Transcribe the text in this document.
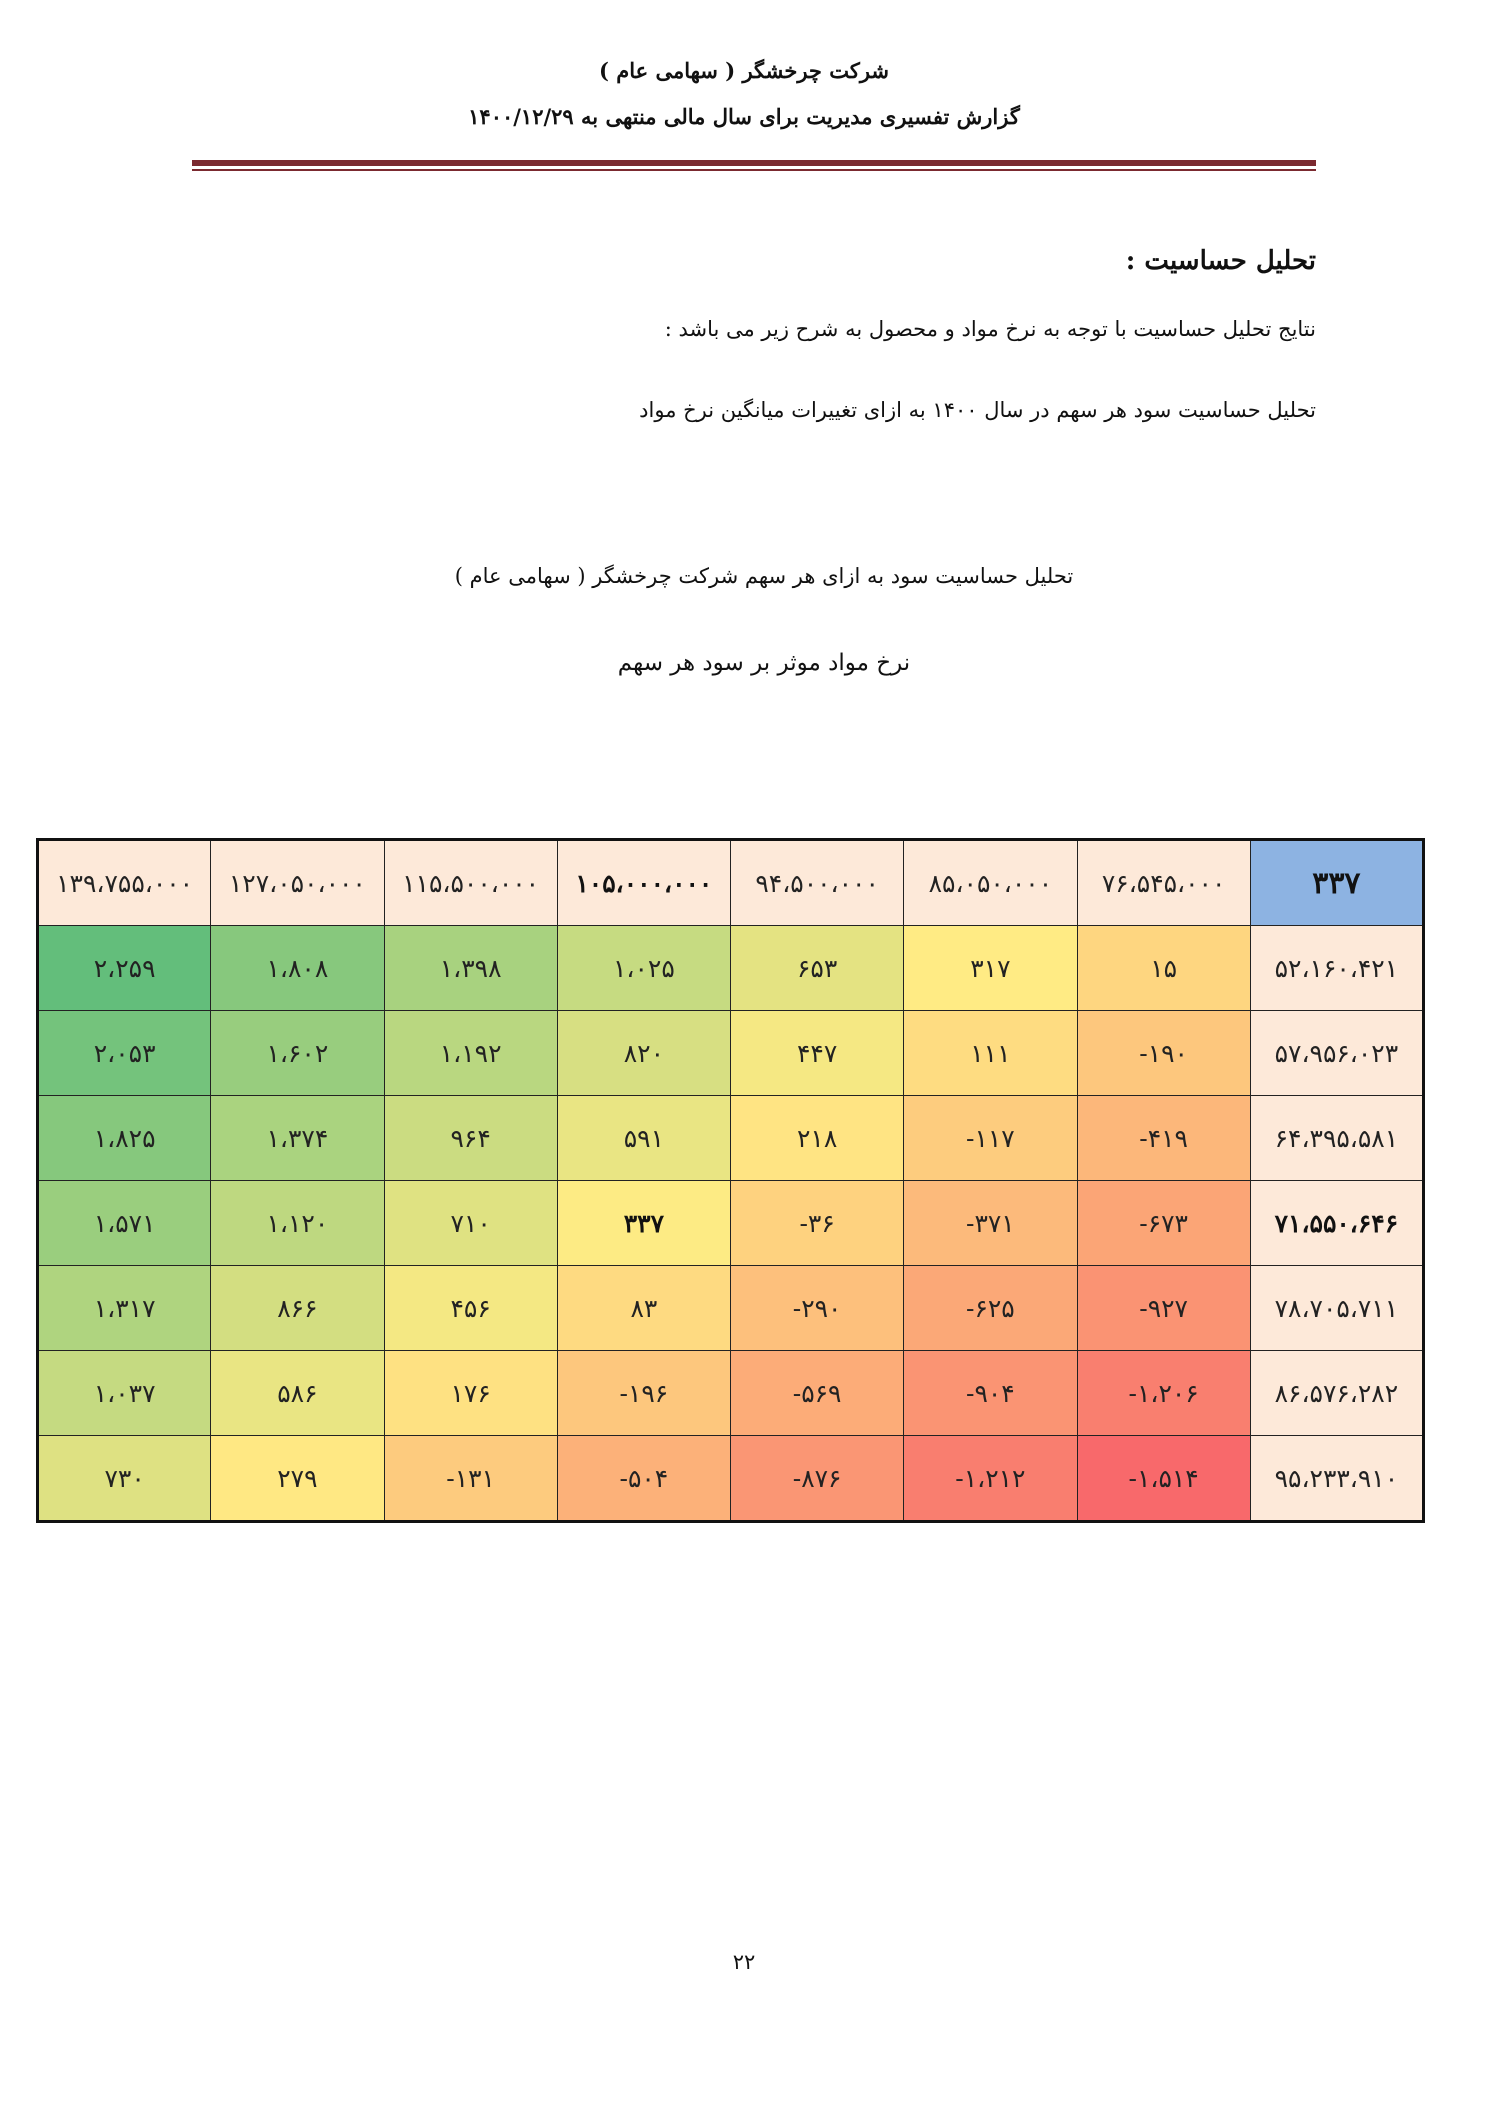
شرکت چرخشگر ( سهامی عام )
گزارش تفسیری مدیریت برای سال مالی منتهی به ۱۴۰۰/۱۲/۲۹
تحلیل حساسیت :
نتایج تحلیل حساسیت با توجه به نرخ مواد و محصول به شرح زیر می باشد :
تحلیل حساسیت سود هر سهم در سال ۱۴۰۰ به ازای تغییرات میانگین نرخ مواد
تحلیل حساسیت سود به ازای هر سهم شرکت چرخشگر ( سهامی عام )
نرخ مواد موثر بر سود هر سهم
۱۳۹،۷۵۵،۰۰۰	۱۲۷،۰۵۰،۰۰۰	۱۱۵،۵۰۰،۰۰۰	۱۰۵،۰۰۰،۰۰۰	۹۴،۵۰۰،۰۰۰	۸۵،۰۵۰،۰۰۰	۷۶،۵۴۵،۰۰۰	۳۳۷
۲،۲۵۹	۱،۸۰۸	۱،۳۹۸	۱،۰۲۵	۶۵۳	۳۱۷	۱۵	۵۲،۱۶۰،۴۲۱
۲،۰۵۳	۱،۶۰۲	۱،۱۹۲	۸۲۰	۴۴۷	۱۱۱	-۱۹۰	۵۷،۹۵۶،۰۲۳
۱،۸۲۵	۱،۳۷۴	۹۶۴	۵۹۱	۲۱۸	-۱۱۷	-۴۱۹	۶۴،۳۹۵،۵۸۱
۱،۵۷۱	۱،۱۲۰	۷۱۰	۳۳۷	-۳۶	-۳۷۱	-۶۷۳	۷۱،۵۵۰،۶۴۶
۱،۳۱۷	۸۶۶	۴۵۶	۸۳	-۲۹۰	-۶۲۵	-۹۲۷	۷۸،۷۰۵،۷۱۱
۱،۰۳۷	۵۸۶	۱۷۶	-۱۹۶	-۵۶۹	-۹۰۴	-۱،۲۰۶	۸۶،۵۷۶،۲۸۲
۷۳۰	۲۷۹	-۱۳۱	-۵۰۴	-۸۷۶	-۱،۲۱۲	-۱،۵۱۴	۹۵،۲۳۳،۹۱۰
۲۲
